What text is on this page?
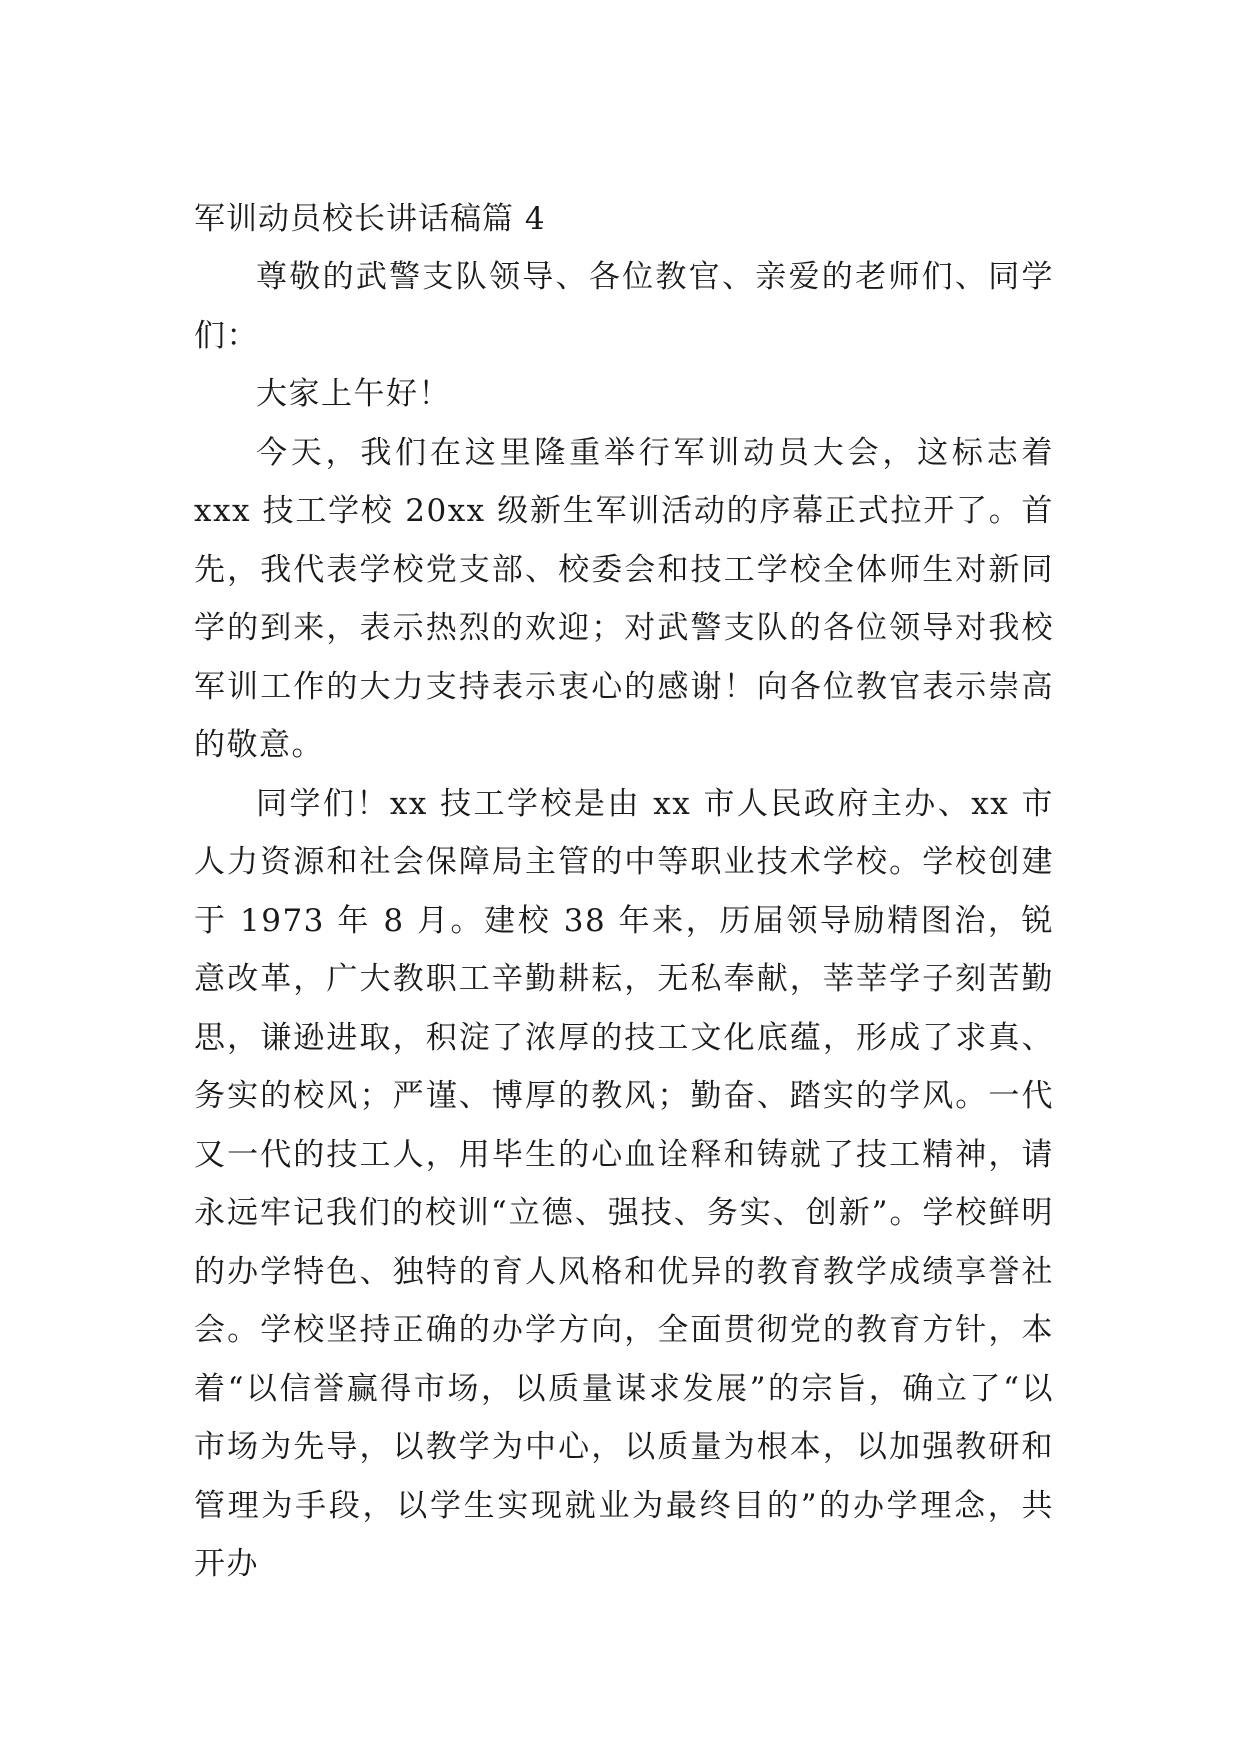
军训动员校长讲话稿篇 4

尊敬的武警支队领导、各位教官、亲爱的老师们、同学们：

大家上午好！

今天，我们在这里隆重举行军训动员大会，这标志着 xxx 技工学校 20xx 级新生军训活动的序幕正式拉开了。首先，我代表学校党支部、校委会和技工学校全体师生对新同学的到来，表示热烈的欢迎；对武警支队的各位领导对我校军训工作的大力支持表示衷心的感谢！向各位教官表示崇高的敬意。

同学们！xx 技工学校是由 xx 市人民政府主办、xx 市人力资源和社会保障局主管的中等职业技术学校。学校创建于 1973 年 8 月。建校 38 年来，历届领导励精图治，锐意改革，广大教职工辛勤耕耘，无私奉献，莘莘学子刻苦勤思，谦逊进取，积淀了浓厚的技工文化底蕴，形成了求真、务实的校风；严谨、博厚的教风；勤奋、踏实的学风。一代又一代的技工人，用毕生的心血诠释和铸就了技工精神，请永远牢记我们的校训“立德、强技、务实、创新”。学校鲜明的办学特色、独特的育人风格和优异的教育教学成绩享誉社会。学校坚持正确的办学方向，全面贯彻党的教育方针，本着“以信誉赢得市场，以质量谋求发展”的宗旨，确立了“以市场为先导，以教学为中心，以质量为根本，以加强教研和管理为手段，以学生实现就业为最终目的”的办学理念，共开办
